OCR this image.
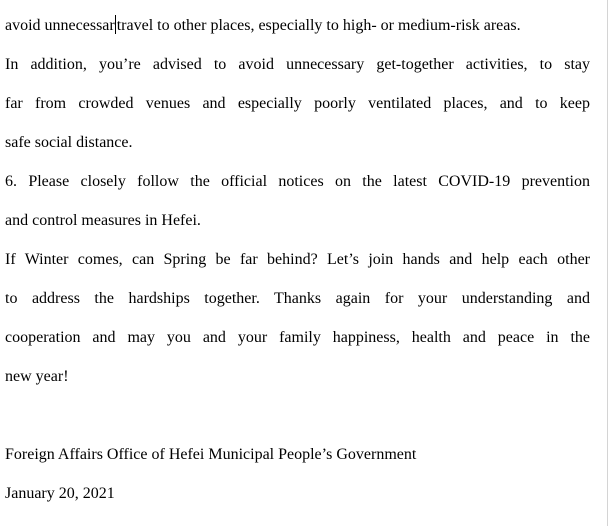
avoid unnecessar travel to other places, especially to high- or medium-risk areas.
In addition, you’re advised to avoid unnecessary get-together activities, to stay
far from crowded venues and especially poorly ventilated places, and to keep
safe social distance.
6. Please closely follow the official notices on the latest COVID-19 prevention
and control measures in Hefei.
If Winter comes, can Spring be far behind? Let’s join hands and help each other
to address the hardships together. Thanks again for your understanding and
cooperation and may you and your family happiness, health and peace in the
new year!
Foreign Affairs Office of Hefei Municipal People’s Government
January 20, 2021
